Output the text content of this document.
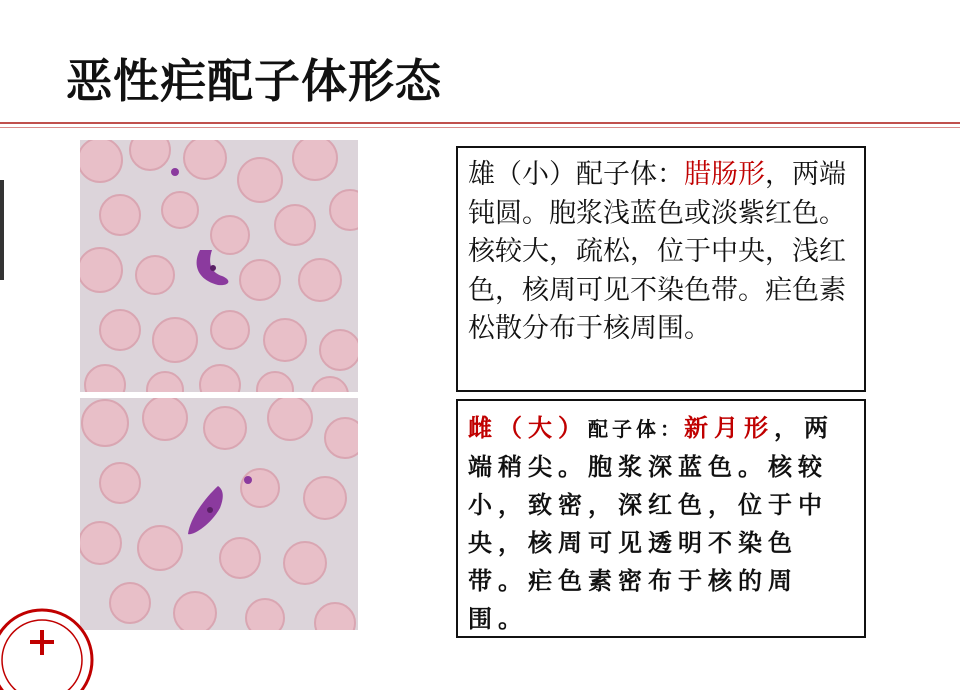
恶性疟配子体形态
雄（小）配子体：腊肠形，两端钝圆。胞浆浅蓝色或淡紫红色。核较大，疏松，位于中央，浅红色，核周可见不染色带。疟色素松散分布于核周围。
雌（大）配子体：新月形，两端稍尖。胞浆深蓝色。核较小，致密，深红色，位于中央，核周可见透明不染色带。疟色素密布于核的周围。
